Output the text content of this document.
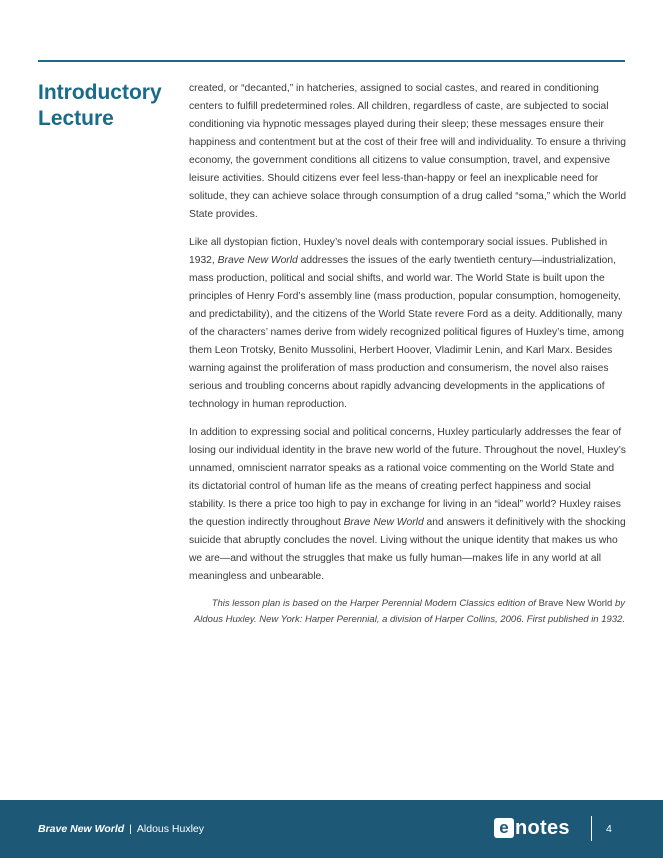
Introductory
Lecture

created, or “decanted,” in hatcheries, assigned to social castes, and reared in conditioning centers to fulfill predetermined roles. All children, regardless of caste, are subjected to social conditioning via hypnotic messages played during their sleep; these messages ensure their happiness and contentment but at the cost of their free will and individuality. To ensure a thriving economy, the government conditions all citizens to value consumption, travel, and expensive leisure activities. Should citizens ever feel less-than-happy or feel an inexplicable need for solitude, they can achieve solace through consumption of a drug called “soma,” which the World State provides.

Like all dystopian fiction, Huxley’s novel deals with contemporary social issues. Published in 1932, Brave New World addresses the issues of the early twentieth century—industrialization, mass production, political and social shifts, and world war. The World State is built upon the principles of Henry Ford’s assembly line (mass production, popular consumption, homogeneity, and predictability), and the citizens of the World State revere Ford as a deity. Additionally, many of the characters’ names derive from widely recognized political figures of Huxley’s time, among them Leon Trotsky, Benito Mussolini, Herbert Hoover, Vladimir Lenin, and Karl Marx. Besides warning against the proliferation of mass production and consumerism, the novel also raises serious and troubling concerns about rapidly advancing developments in the applications of technology in human reproduction.

In addition to expressing social and political concerns, Huxley particularly addresses the fear of losing our individual identity in the brave new world of the future. Throughout the novel, Huxley’s unnamed, omniscient narrator speaks as a rational voice commenting on the World State and its dictatorial control of human life as the means of creating perfect happiness and social stability. Is there a price too high to pay in exchange for living in an “ideal” world? Huxley raises the question indirectly throughout Brave New World and answers it definitively with the shocking suicide that abruptly concludes the novel. Living without the unique identity that makes us who we are—and without the struggles that make us fully human—makes life in any world at all meaningless and unbearable.

This lesson plan is based on the Harper Perennial Modern Classics edition of Brave New World by Aldous Huxley. New York: Harper Perennial, a division of Harper Collins, 2006. First published in 1932.
Brave New World | Aldous Huxley	e notes	4
